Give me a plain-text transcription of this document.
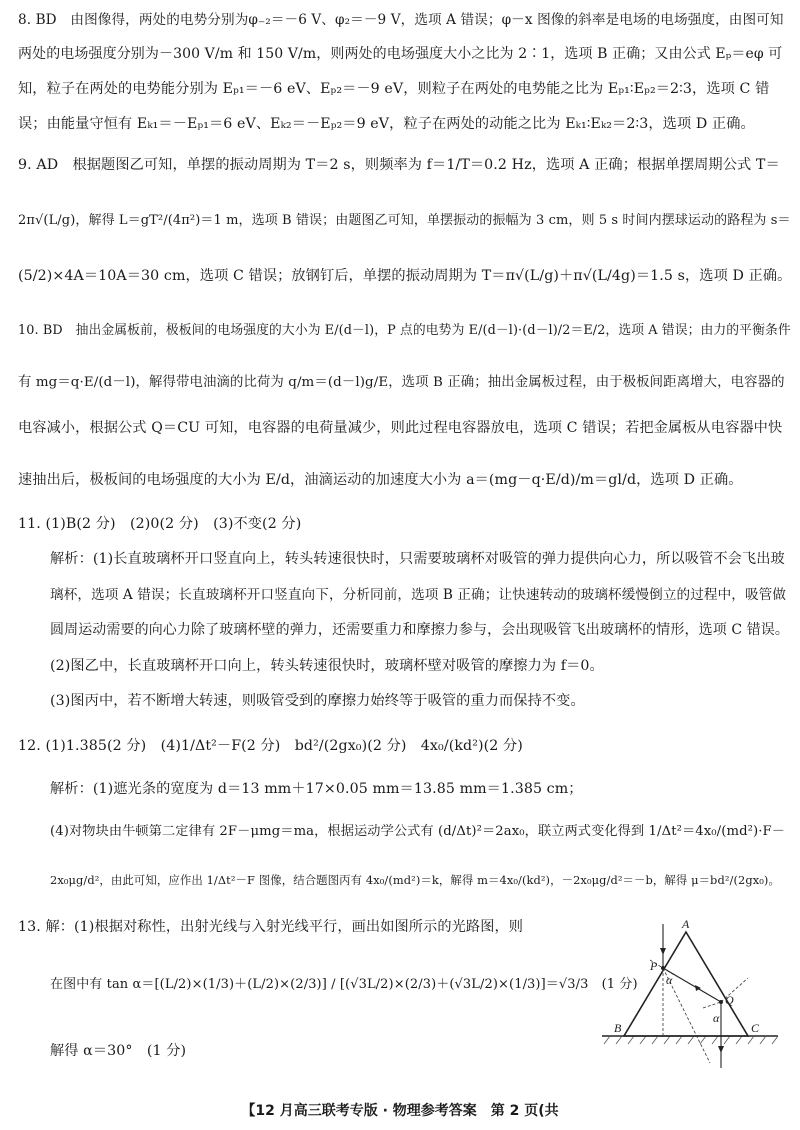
8. BD　由图像得，两处的电势分别为φ₋₂＝－6 V、φ₂＝－9 V，选项 A 错误；φ－x 图像的斜率是电场的电场强度，由图可知
两处的电场强度分别为－300 V/m 和 150 V/m，则两处的电场强度大小之比为 2∶1，选项 B 正确；又由公式 Eₚ＝eφ 可
知，粒子在两处的电势能分别为 Eₚ₁＝－6 eV、Eₚ₂＝－9 eV，则粒子在两处的电势能之比为 Eₚ₁∶Eₚ₂＝2∶3，选项 C 错
误；由能量守恒有 Eₖ₁＝－Eₚ₁＝6 eV、Eₖ₂＝－Eₚ₂＝9 eV，粒子在两处的动能之比为 Eₖ₁∶Eₖ₂＝2∶3，选项 D 正确。
9. AD　根据题图乙可知，单摆的振动周期为 T＝2 s，则频率为 f＝1/T＝0.2 Hz，选项 A 正确；根据单摆周期公式 T＝
2π√(L/g)，解得 L＝gT²/(4π²)＝1 m，选项 B 错误；由题图乙可知，单摆振动的振幅为 3 cm，则 5 s 时间内摆球运动的路程为 s＝
(5/2)×4A＝10A＝30 cm，选项 C 错误；放钢钉后，单摆的振动周期为 T＝π√(L/g)＋π√(L/4g)＝1.5 s，选项 D 正确。
10. BD　抽出金属板前，极板间的电场强度的大小为 E/(d－l)，P 点的电势为 E/(d－l)·(d－l)/2＝E/2，选项 A 错误；由力的平衡条件
有 mg＝q·E/(d－l)，解得带电油滴的比荷为 q/m＝(d－l)g/E，选项 B 正确；抽出金属板过程，由于极板间距离增大，电容器的
电容减小，根据公式 Q＝CU 可知，电容器的电荷量减少，则此过程电容器放电，选项 C 错误；若把金属板从电容器中快
速抽出后，极板间的电场强度的大小为 E/d，油滴运动的加速度大小为 a＝(mg－q·E/d)/m＝gl/d，选项 D 正确。
11. (1)B(2 分)　(2)0(2 分)　(3)不变(2 分)
解析：(1)长直玻璃杯开口竖直向上，转头转速很快时，只需要玻璃杯对吸管的弹力提供向心力，所以吸管不会飞出玻
璃杯，选项 A 错误；长直玻璃杯开口竖直向下，分析同前，选项 B 正确；让快速转动的玻璃杯缓慢倒立的过程中，吸管做
圆周运动需要的向心力除了玻璃杯壁的弹力，还需要重力和摩擦力参与，会出现吸管飞出玻璃杯的情形，选项 C 错误。
(2)图乙中，长直玻璃杯开口向上，转头转速很快时，玻璃杯壁对吸管的摩擦力为 f＝0。
(3)图丙中，若不断增大转速，则吸管受到的摩擦力始终等于吸管的重力而保持不变。
12. (1)1.385(2 分)　(4)1/Δt²－F(2 分)　bd²/(2gx₀)(2 分)　4x₀/(kd²)(2 分)
解析：(1)遮光条的宽度为 d＝13 mm＋17×0.05 mm＝13.85 mm＝1.385 cm；
(4)对物块由牛顿第二定律有 2F－μmg＝ma，根据运动学公式有 (d/Δt)²＝2ax₀，联立两式变化得到 1/Δt²＝4x₀/(md²)·F－
2x₀μg/d²，由此可知，应作出 1/Δt²－F 图像，结合题图丙有 4x₀/(md²)＝k，解得 m＝4x₀/(kd²)，－2x₀μg/d²＝－b，解得 μ＝bd²/(2gx₀)。
13. 解：(1)根据对称性，出射光线与入射光线平行，画出如图所示的光路图，则
在图中有 tan α＝[(L/2)×(1/3)＋(L/2)×(2/3)] / [(√3L/2)×(2/3)＋(√3L/2)×(1/3)]＝√3/3　(1 分)
解得 α＝30°　(1 分)
A
B	C
P
Q
α
α
【12 月高三联考专版 · 物理参考答案　第 2 页(共
